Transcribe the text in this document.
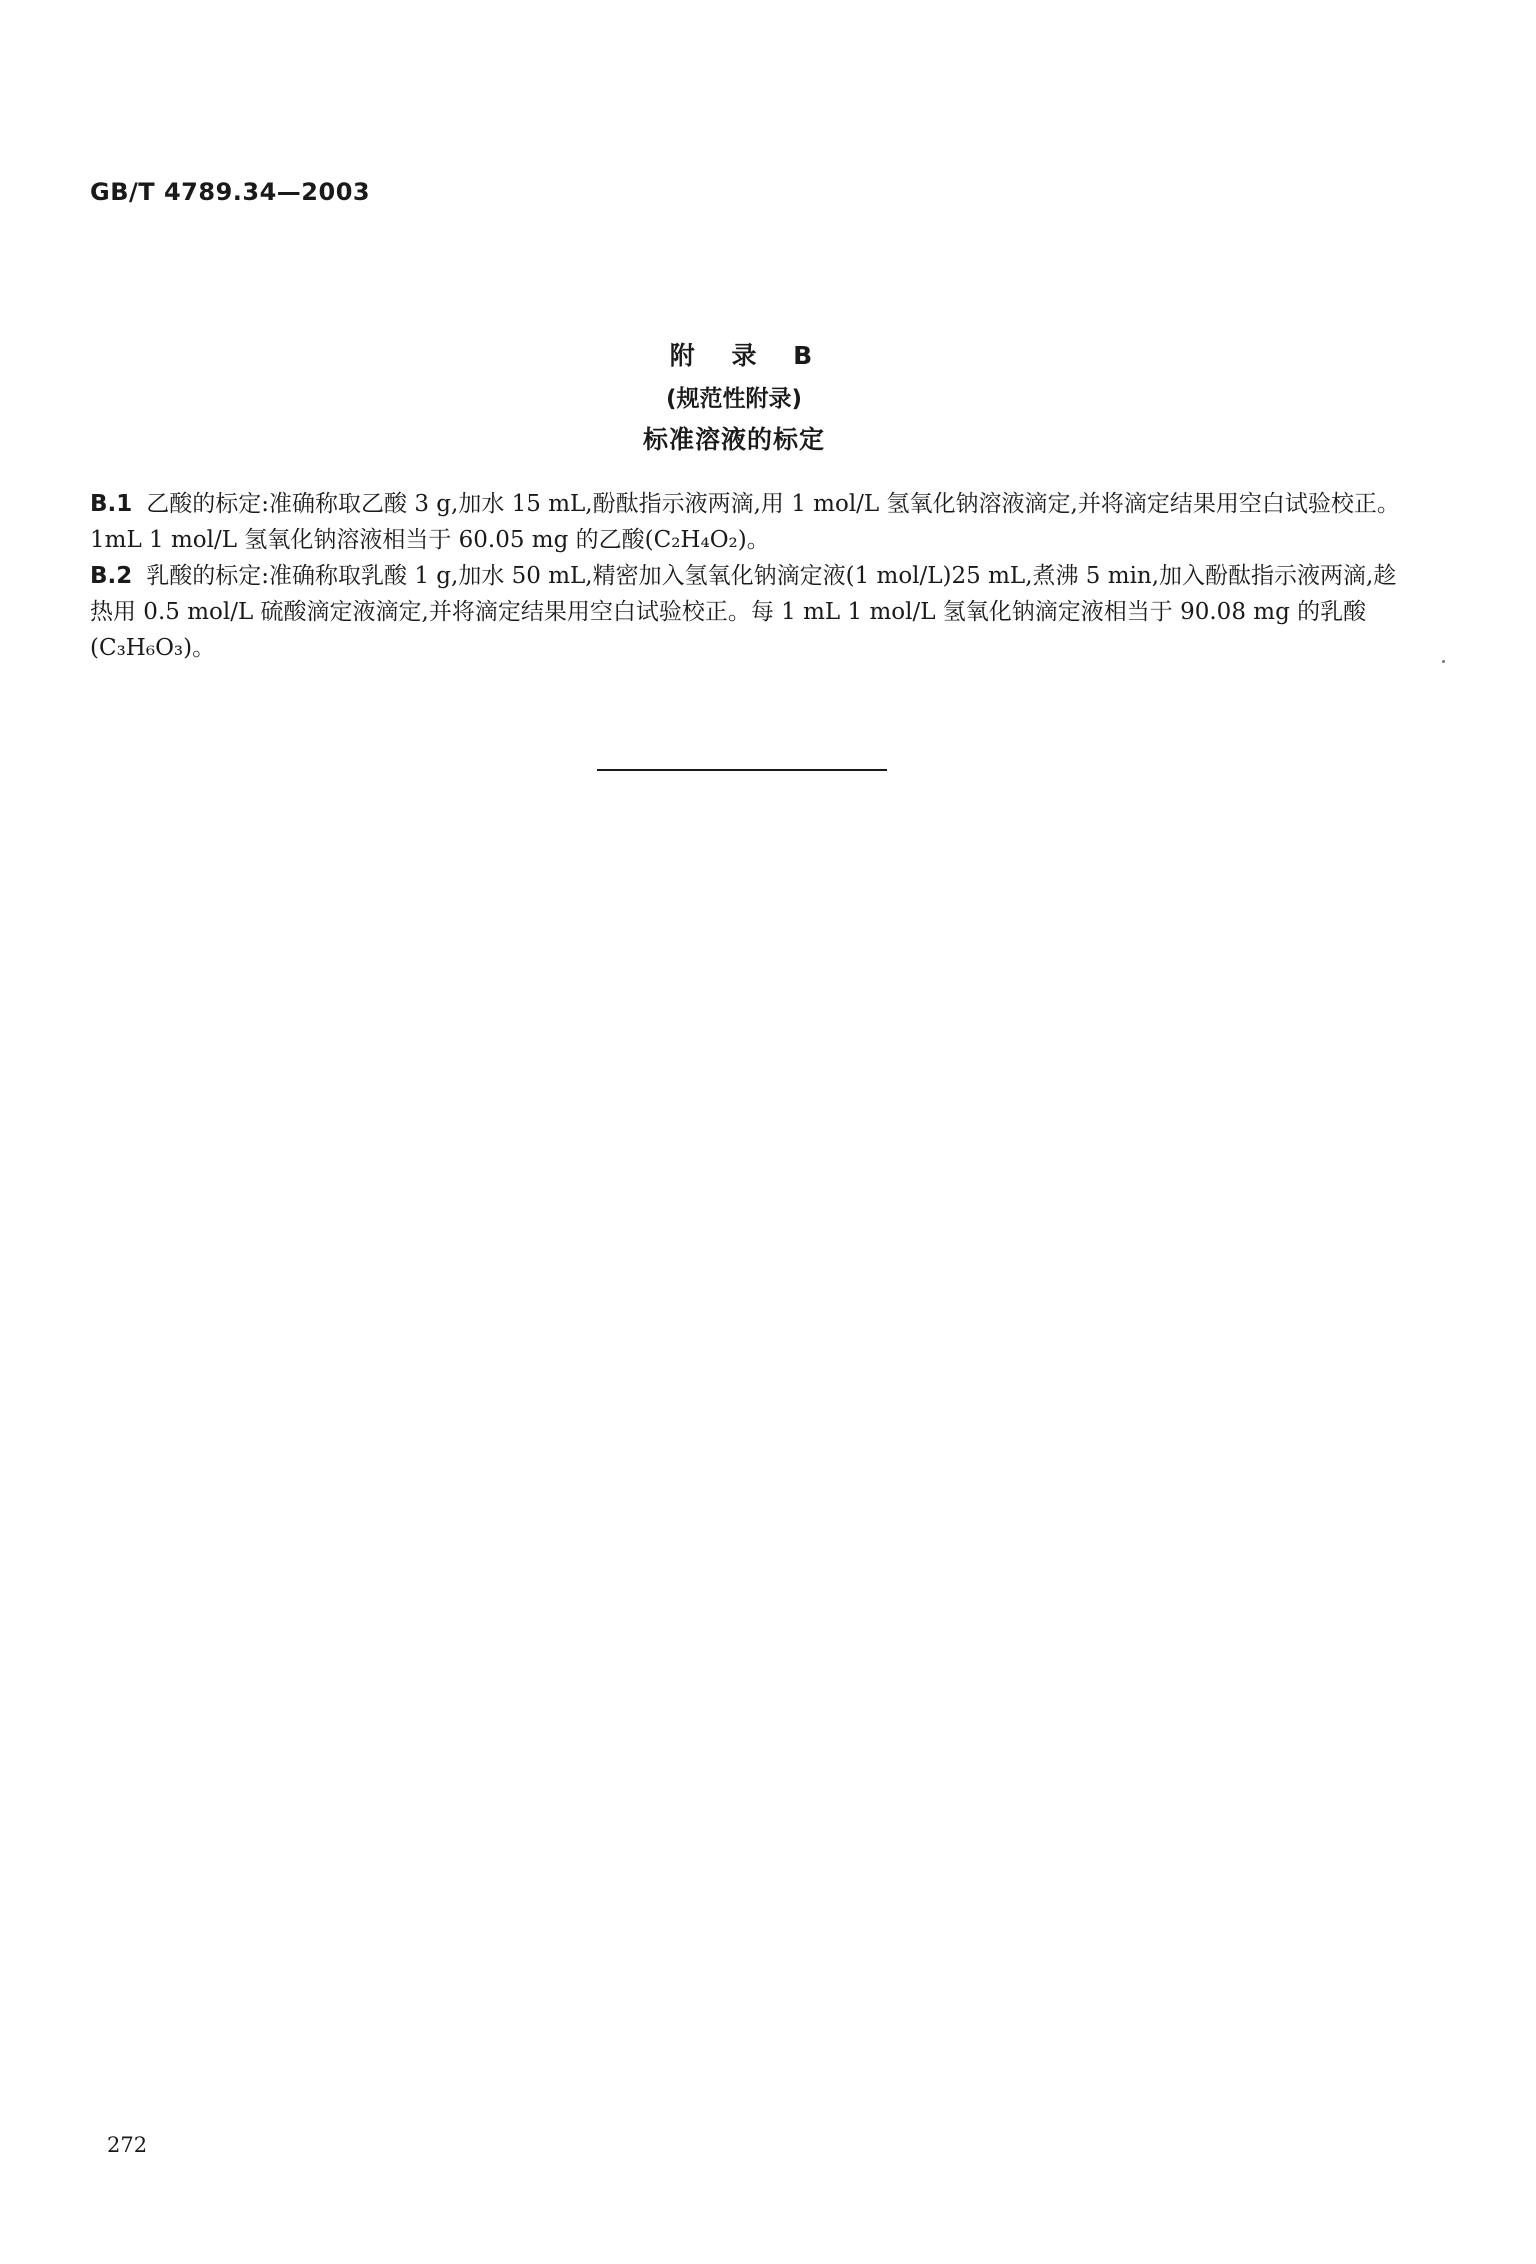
GB/T 4789.34—2003
附 录 B
(规范性附录)
标准溶液的标定

B.1 乙酸的标定:准确称取乙酸 3 g,加水 15 mL,酚酞指示液两滴,用 1 mol/L 氢氧化钠溶液滴定,并将滴定结果用空白试验校正。1mL 1 mol/L 氢氧化钠溶液相当于 60.05 mg 的乙酸(C₂H₄O₂)。

B.2 乳酸的标定:准确称取乳酸 1 g,加水 50 mL,精密加入氢氧化钠滴定液(1 mol/L)25 mL,煮沸 5 min,加入酚酞指示液两滴,趁热用 0.5 mol/L 硫酸滴定液滴定,并将滴定结果用空白试验校正。每 1 mL 1 mol/L 氢氧化钠滴定液相当于 90.08 mg 的乳酸(C₃H₆O₃)。

272
